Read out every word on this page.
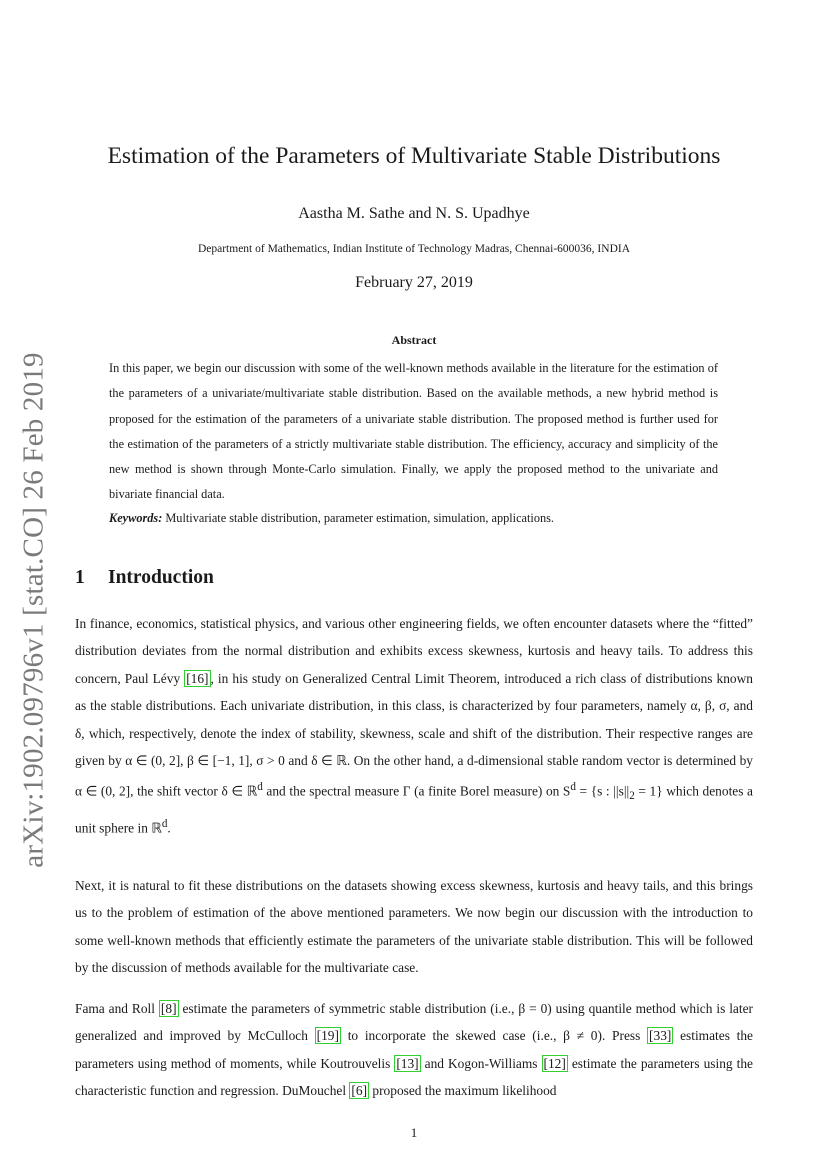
arXiv:1902.09796v1 [stat.CO] 26 Feb 2019
Estimation of the Parameters of Multivariate Stable Distributions
Aastha M. Sathe and N. S. Upadhye
Department of Mathematics, Indian Institute of Technology Madras, Chennai-600036, INDIA
February 27, 2019
Abstract

In this paper, we begin our discussion with some of the well-known methods available in the literature for the estimation of the parameters of a univariate/multivariate stable distribution. Based on the available methods, a new hybrid method is proposed for the estimation of the parameters of a univariate stable distribution. The proposed method is further used for the estimation of the parameters of a strictly multivariate stable distribution. The efficiency, accuracy and simplicity of the new method is shown through Monte-Carlo simulation. Finally, we apply the proposed method to the univariate and bivariate financial data.

Keywords: Multivariate stable distribution, parameter estimation, simulation, applications.
1 Introduction

In finance, economics, statistical physics, and various other engineering fields, we often encounter datasets where the “fitted” distribution deviates from the normal distribution and exhibits excess skewness, kurtosis and heavy tails. To address this concern, Paul Lévy [16] , in his study on Generalized Central Limit Theorem, introduced a rich class of distributions known as the stable distributions. Each univariate distribution, in this class, is characterized by four parameters, namely α, β, σ, and δ, which, respectively, denote the index of stability, skewness, scale and shift of the distribution. Their respective ranges are given by α ∈ (0, 2], β ∈ [−1, 1], σ > 0 and δ ∈ ℝ. On the other hand, a d-dimensional stable random vector is determined by α ∈ (0, 2], the shift vector δ ∈ ℝ$^d$ and the spectral measure Γ (a finite Borel measure) on $S^d = \{s$ : $||s||_2 = 1$} which denotes a unit sphere in ℝ$^d$.

Next, it is natural to fit these distributions on the datasets showing excess skewness, kurtosis and heavy tails, and this brings us to the problem of estimation of the above mentioned parameters. We now begin our discussion with the introduction to some well-known methods that efficiently estimate the parameters of the univariate stable distribution. This will be followed by the discussion of methods available for the multivariate case.

Fama and Roll [8] estimate the parameters of symmetric stable distribution (i.e., β = 0) using quantile method which is later generalized and improved by McCulloch [19] to incorporate the skewed case (i.e., β ≠ 0). Press [33] estimates the parameters using method of moments, while Koutrouvelis [13] and Kogon-Williams [12] estimate the parameters using the characteristic function and regression. DuMouchel [6] proposed the maximum likelihood

1
